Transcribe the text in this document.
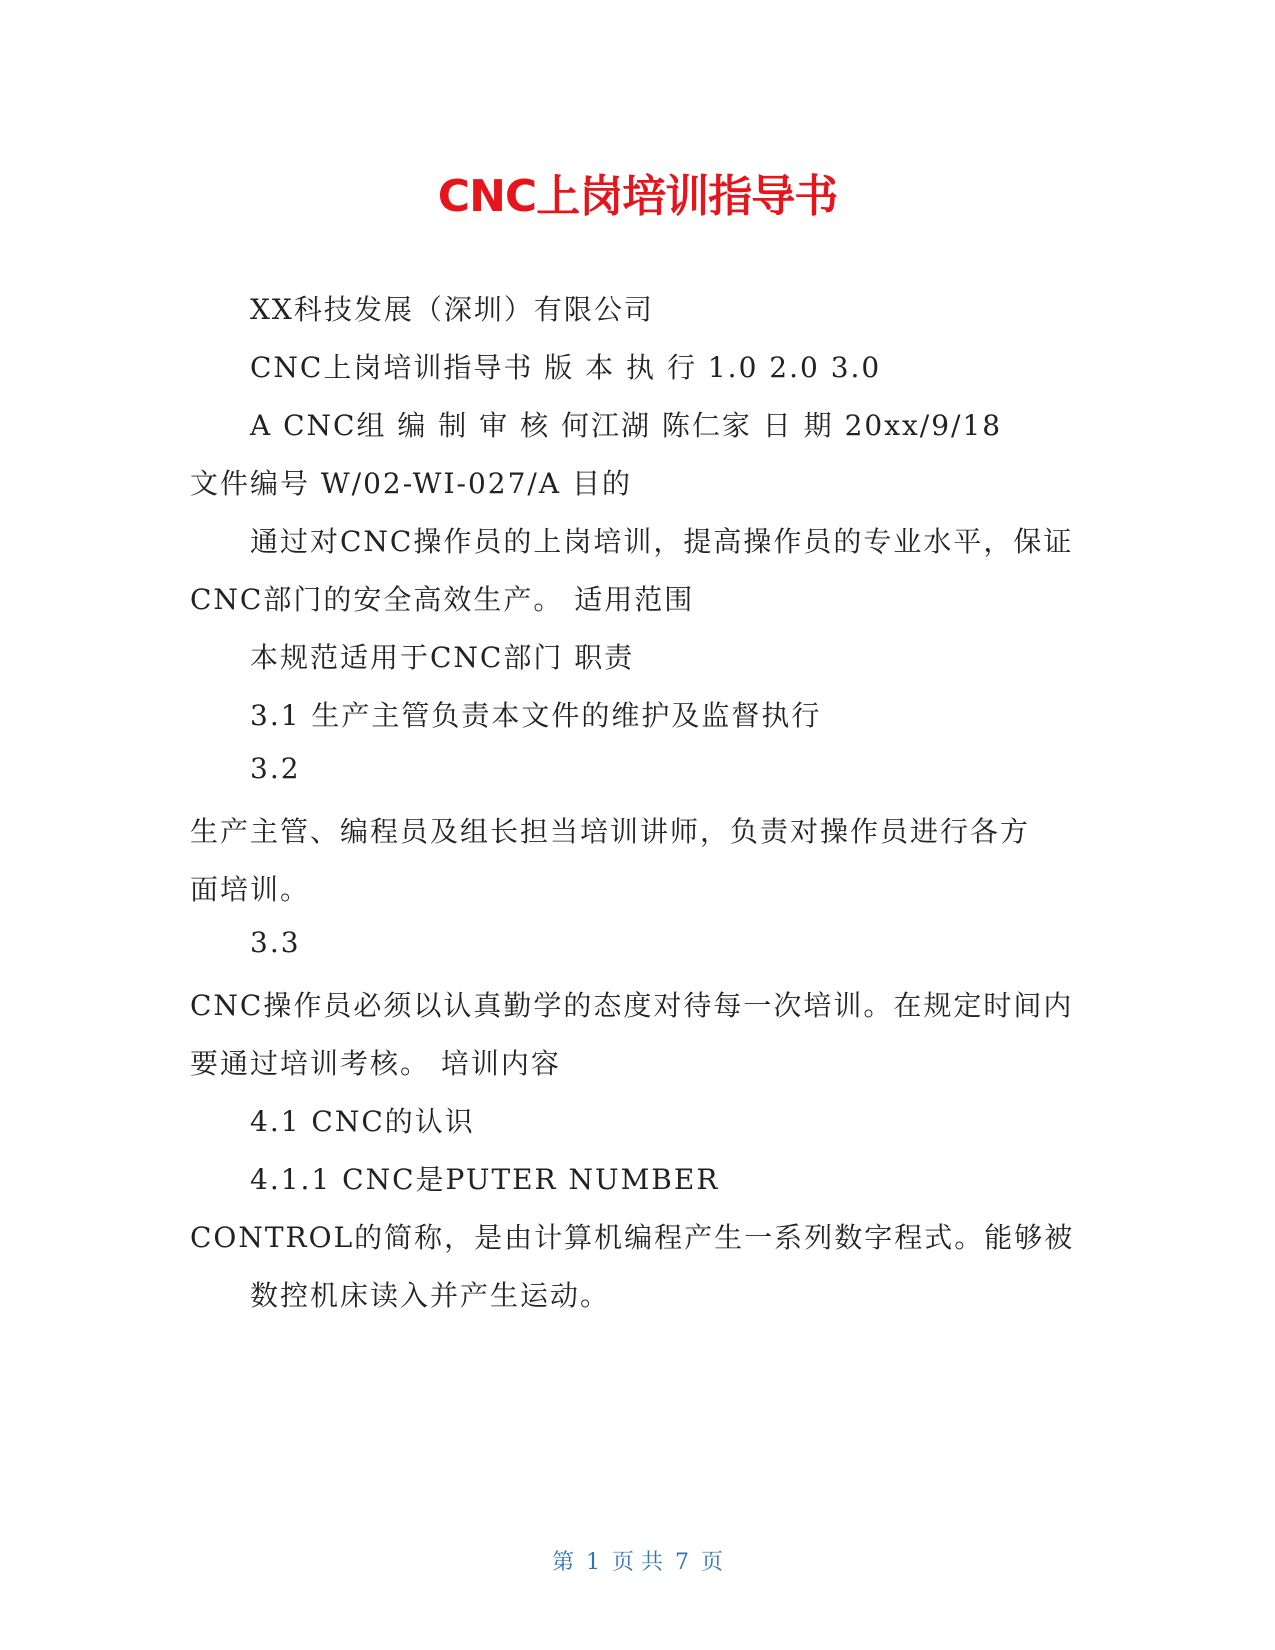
CNC上岗培训指导书
XX科技发展（深圳）有限公司
CNC上岗培训指导书 版 本 执 行 1.0 2.0 3.0
A CNC组 编 制 审 核 何江湖 陈仁家 日 期 20xx/9/18
文件编号 W/02-WI-027/A 目的
通过对CNC操作员的上岗培训，提高操作员的专业水平，保证
CNC部门的安全高效生产。 适用范围
本规范适用于CNC部门 职责
3.1 生产主管负责本文件的维护及监督执行
3.2
生产主管、编程员及组长担当培训讲师，负责对操作员进行各方
面培训。
3.3
CNC操作员必须以认真勤学的态度对待每一次培训。在规定时间内
要通过培训考核。 培训内容
4.1 CNC的认识
4.1.1 CNC是PUTER NUMBER
CONTROL的简称，是由计算机编程产生一系列数字程式。能够被
数控机床读入并产生运动。
第 1 页 共 7 页
